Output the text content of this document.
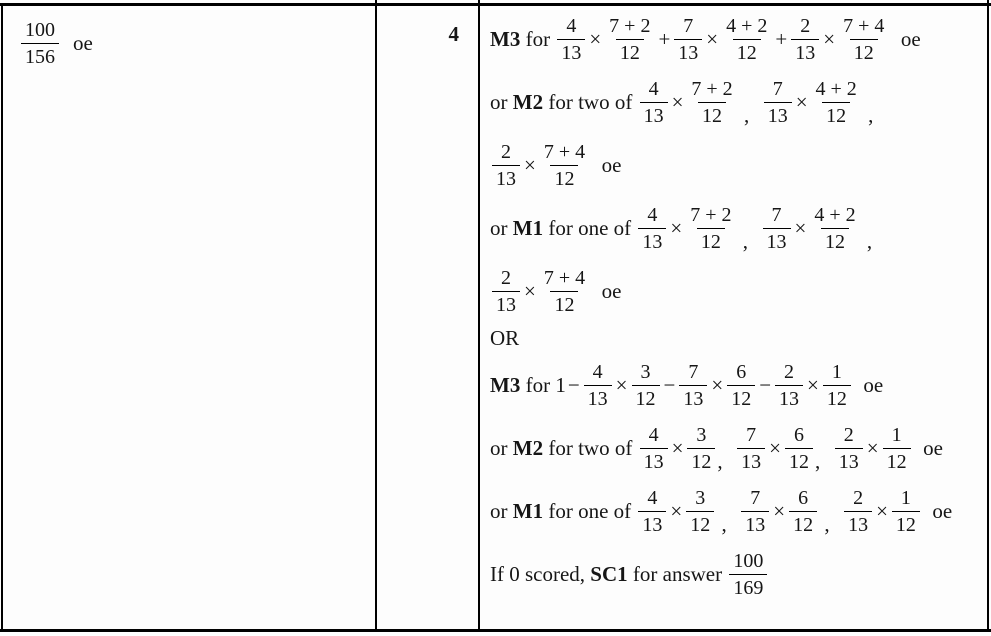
$\frac{100}{156}$ oe	4	M3 for $\frac{4}{13} \times \frac{7 + 2}{12} + \frac{7}{13} \times \frac{4 + 2}{12} + \frac{2}{13} \times \frac{7 + 4}{12}$ oe
or M2 for two of $\frac{4}{13} \times \frac{7 + 2}{12}$ , $\frac{7}{13} \times \frac{4 + 2}{12}$ ,
$\frac{2}{13} \times \frac{7 + 4}{12}$ oe
or M1 for one of $\frac{4}{13} \times \frac{7 + 2}{12}$ , $\frac{7}{13} \times \frac{4 + 2}{12}$ ,
$\frac{2}{13} \times \frac{7 + 4}{12}$ oe
OR
M3 for $1 - \frac{4}{13} \times \frac{3}{12} - \frac{7}{13} \times \frac{6}{12} - \frac{2}{13} \times \frac{1}{12}$ oe
or M2 for two of $\frac{4}{13} \times \frac{3}{12}$ , $\frac{7}{13} \times \frac{6}{12}$ , $\frac{2}{13} \times \frac{1}{12}$ oe
or M1 for one of $\frac{4}{13} \times \frac{3}{12}$ , $\frac{7}{13} \times \frac{6}{12}$ , $\frac{2}{13} \times \frac{1}{12}$ oe
If 0 scored, SC1 for answer $\frac{100}{169}$
